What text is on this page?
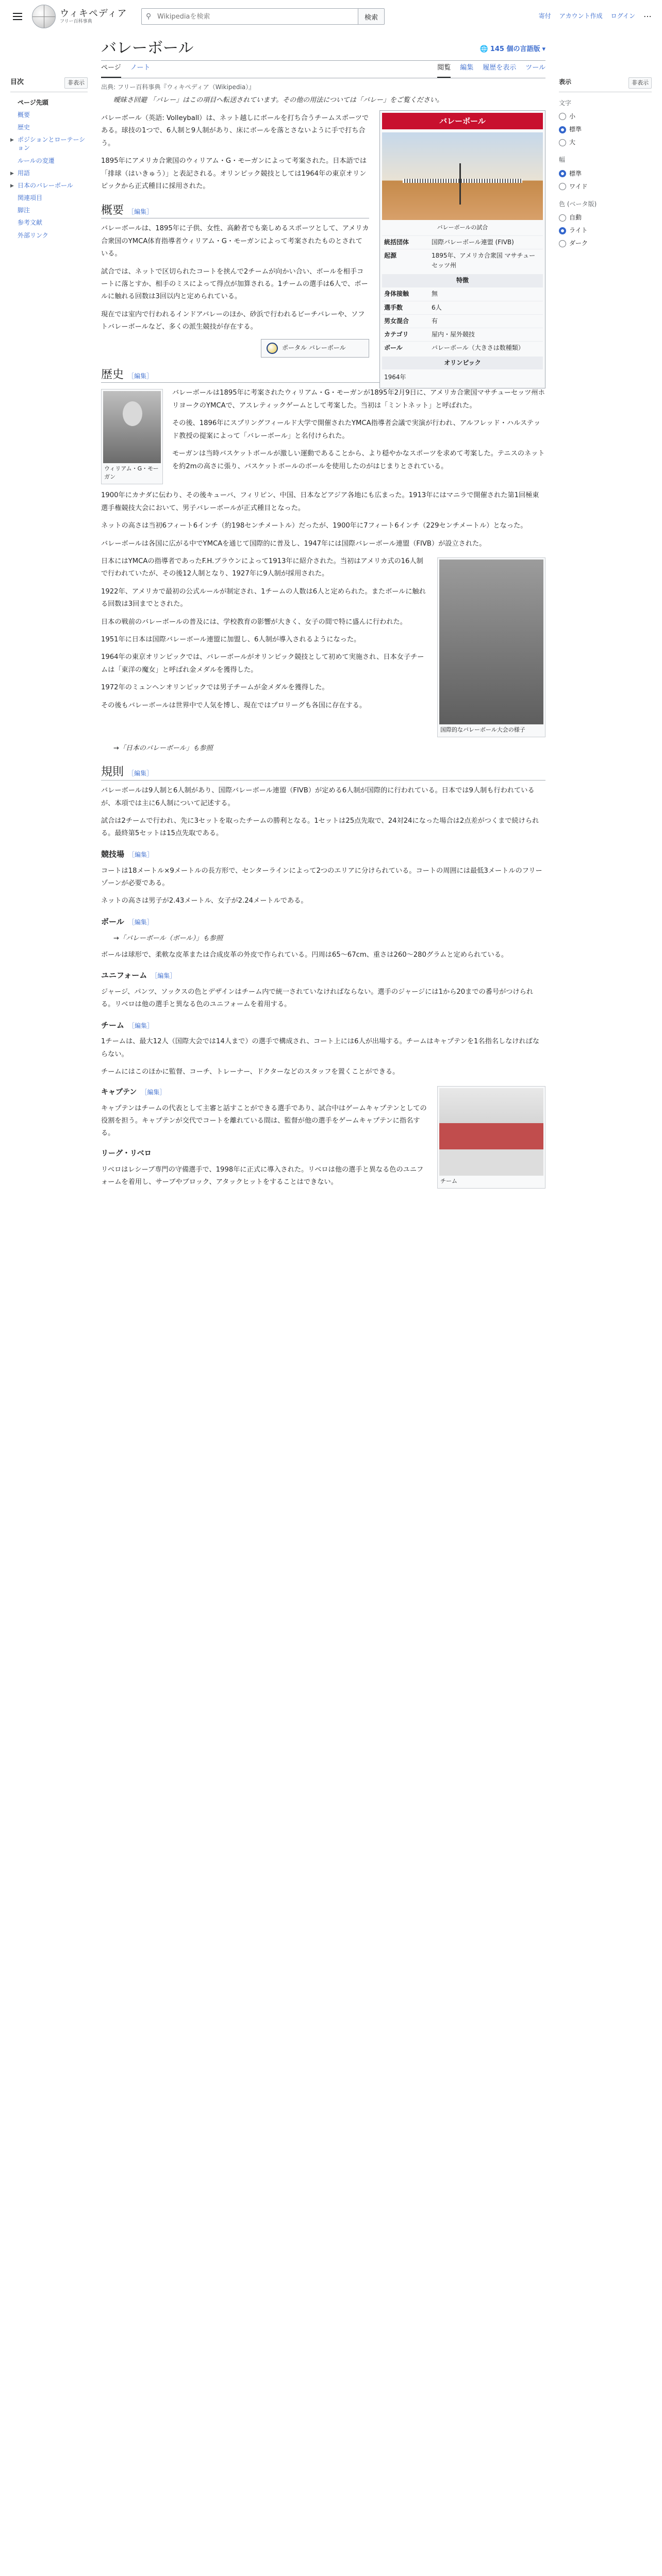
ウィキペディア
フリー百科事典
⚲
Wikipediaを検索	検索	寄付 アカウント作成 ログイン ⋯
目次	非表示
ページ先頭
概要
歴史
▶ ポジションとローテーション
ルールの変遷
▶ 用語
▶ 日本のバレーボール
関連項目
脚注
参考文献
外部リンク
バレーボール	🌐 145 個の言語版 ▾
ページ ノート	閲覧 編集 履歴を表示 ツール
出典: フリー百科事典『ウィキペディア（Wikipedia）』
曖昧さ回避 「バレー」はこの項目へ転送されています。その他の用法については「バレー」をご覧ください。
バレーボール
バレーボールの試合
統括団体	国際バレーボール連盟 (FIVB)
起源	1895年、アメリカ合衆国 マサチューセッツ州
特徴
身体接触	無
選手数	6人
男女混合	有
カテゴリ	屋内・屋外競技
ボール	バレーボール（大きさは数種類）
オリンピック
1964年

バレーボール（英語: Volleyball）は、ネット越しにボールを打ち合うチームスポーツである。球技の1つで、6人制と9人制があり、床にボールを落とさないように手で打ち合う。

1895年にアメリカ合衆国のウィリアム・G・モーガンによって考案された。日本語では「排球（はいきゅう）」と表記される。オリンピック競技としては1964年の東京オリンピックから正式種目に採用された。

概要 ［編集］

バレーボールは、1895年に子供、女性、高齢者でも楽しめるスポーツとして、アメリカ合衆国のYMCA体育指導者ウィリアム・G・モーガンによって考案されたものとされている。

試合では、ネットで区切られたコートを挟んで2チームが向かい合い、ボールを相手コートに落とすか、相手のミスによって得点が加算される。1チームの選手は6人で、ボールに触れる回数は3回以内と定められている。

現在では室内で行われるインドアバレーのほか、砂浜で行われるビーチバレーや、ソフトバレーボールなど、多くの派生競技が存在する。

ポータル バレーボール
歴史 ［編集］
ウィリアム・G・モーガン

バレーボールは1895年に考案されたウィリアム・G・モーガンが1895年2月9日に、アメリカ合衆国マサチューセッツ州ホリヨークのYMCAで、アスレティックゲームとして考案した。当初は「ミントネット」と呼ばれた。

その後、1896年にスプリングフィールド大学で開催されたYMCA指導者会議で実演が行われ、アルフレッド・ハルステッド教授の提案によって「バレーボール」と名付けられた。

モーガンは当時バスケットボールが激しい運動であることから、より穏やかなスポーツを求めて考案した。テニスのネットを約2mの高さに張り、バスケットボールのボールを使用したのがはじまりとされている。

1900年にカナダに伝わり、その後キューバ、フィリピン、中国、日本などアジア各地にも広まった。1913年にはマニラで開催された第1回極東選手権競技大会において、男子バレーボールが正式種目となった。

ネットの高さは当初6フィート6インチ（約198センチメートル）だったが、1900年に7フィート6インチ（229センチメートル）となった。

バレーボールは各国に広がる中でYMCAを通じて国際的に普及し、1947年には国際バレーボール連盟（FIVB）が設立された。

国際的なバレーボール大会の様子

日本にはYMCAの指導者であったF.H.ブラウンによって1913年に紹介された。当初はアメリカ式の16人制で行われていたが、その後12人制となり、1927年に9人制が採用された。

1922年、アメリカで最初の公式ルールが制定され、1チームの人数は6人と定められた。またボールに触れる回数は3回までとされた。

日本の戦前のバレーボールの普及には、学校教育の影響が大きく、女子の間で特に盛んに行われた。

1951年に日本は国際バレーボール連盟に加盟し、6人制が導入されるようになった。

1964年の東京オリンピックでは、バレーボールがオリンピック競技として初めて実施され、日本女子チームは「東洋の魔女」と呼ばれ金メダルを獲得した。

1972年のミュンヘンオリンピックでは男子チームが金メダルを獲得した。

その後もバレーボールは世界中で人気を博し、現在ではプロリーグも各国に存在する。

→「日本のバレーボール」も参照
規則 ［編集］

バレーボールは9人制と6人制があり、国際バレーボール連盟（FIVB）が定める6人制が国際的に行われている。日本では9人制も行われているが、本項では主に6人制について記述する。

試合は2チームで行われ、先に3セットを取ったチームの勝利となる。1セットは25点先取で、24対24になった場合は2点差がつくまで続けられる。最終第5セットは15点先取である。

競技場 ［編集］

コートは18メートル×9メートルの長方形で、センターラインによって2つのエリアに分けられている。コートの周囲には最低3メートルのフリーゾーンが必要である。

ネットの高さは男子が2.43メートル、女子が2.24メートルである。

ボール ［編集］
→「バレーボール（ボール）」も参照

ボールは球形で、柔軟な皮革または合成皮革の外皮で作られている。円周は65〜67cm、重さは260〜280グラムと定められている。

ユニフォーム ［編集］

ジャージ、パンツ、ソックスの色とデザインはチーム内で統一されていなければならない。選手のジャージには1から20までの番号がつけられる。リベロは他の選手と異なる色のユニフォームを着用する。

チーム ［編集］

1チームは、最大12人（国際大会では14人まで）の選手で構成され、コート上には6人が出場する。チームはキャプテンを1名指名しなければならない。

チームにはこのほかに監督、コーチ、トレーナー、ドクターなどのスタッフを置くことができる。

チーム
キャプテン ［編集］

キャプテンはチームの代表として主審と話すことができる選手であり、試合中はゲームキャプテンとしての役割を担う。キャプテンが交代でコートを離れている間は、監督が他の選手をゲームキャプテンに指名する。

リーグ・リベロ

リベロはレシーブ専門の守備選手で、1998年に正式に導入された。リベロは他の選手と異なる色のユニフォームを着用し、サーブやブロック、アタックヒットをすることはできない。

表示	非表示
文字
小
標準
大
幅
標準
ワイド
色 (ベータ版)
自動
ライト
ダーク
